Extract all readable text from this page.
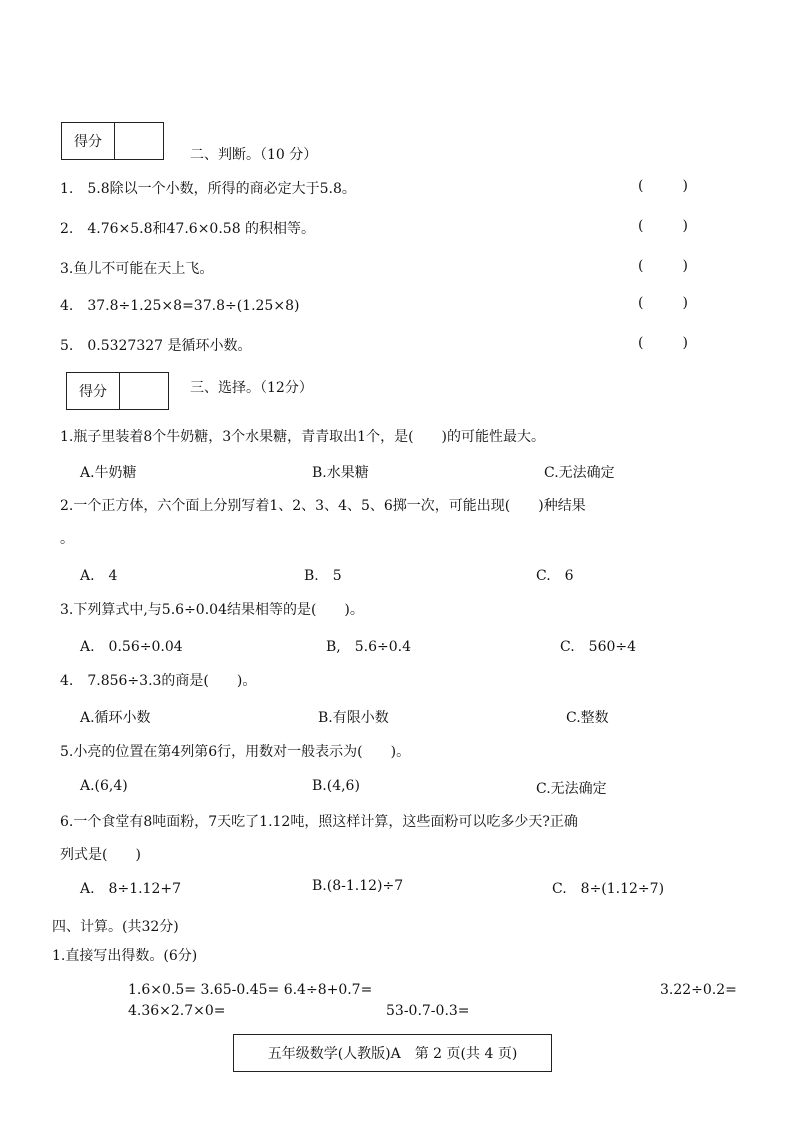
得分
二、判断。（10 分）
1.　5.8除以一个小数，所得的商必定大于5.8。	(	)
2.　4.76×5.8和47.6×0.58 的积相等。	(	)
3.鱼儿不可能在天上飞。	(	)
4.　37.8÷1.25×8=37.8÷(1.25×8)	(	)
5.　0.5327327 是循环小数。	(	)
得分	三、选择。（12分）
1.瓶子里装着8个牛奶糖，3个水果糖，青青取出1个，是(　　)的可能性最大。
A.牛奶糖	B.水果糖	C.无法确定
2.一个正方体，六个面上分别写着1、2、3、4、5、6掷一次，可能出现(　　)种结果
。
A.　4	B.　5	C.　6
3.下列算式中,与5.6÷0.04结果相等的是(　　)。
A.　0.56÷0.04	B,　5.6÷0.4	C.　560÷4
4.　7.856÷3.3的商是(　　)。
A.循环小数	B.有限小数	C.整数
5.小亮的位置在第4列第6行，用数对一般表示为(　　)。
A.(6,4)	B.(4,6)	C.无法确定
6.一个食堂有8吨面粉，7天吃了1.12吨，照这样计算，这些面粉可以吃多少天?正确
列式是(　　)
A.　8÷1.12+7	B.(8-1.12)÷7	C.　8÷(1.12÷7)
四、计算。(共32分)
1.直接写出得数。(6分)
1.6×0.5= 3.65-0.45= 6.4÷8+0.7=	3.22÷0.2=
4.36×2.7×0=	53-0.7-0.3=
五年级数学(人教版)A　第 2 页(共 4 页)
